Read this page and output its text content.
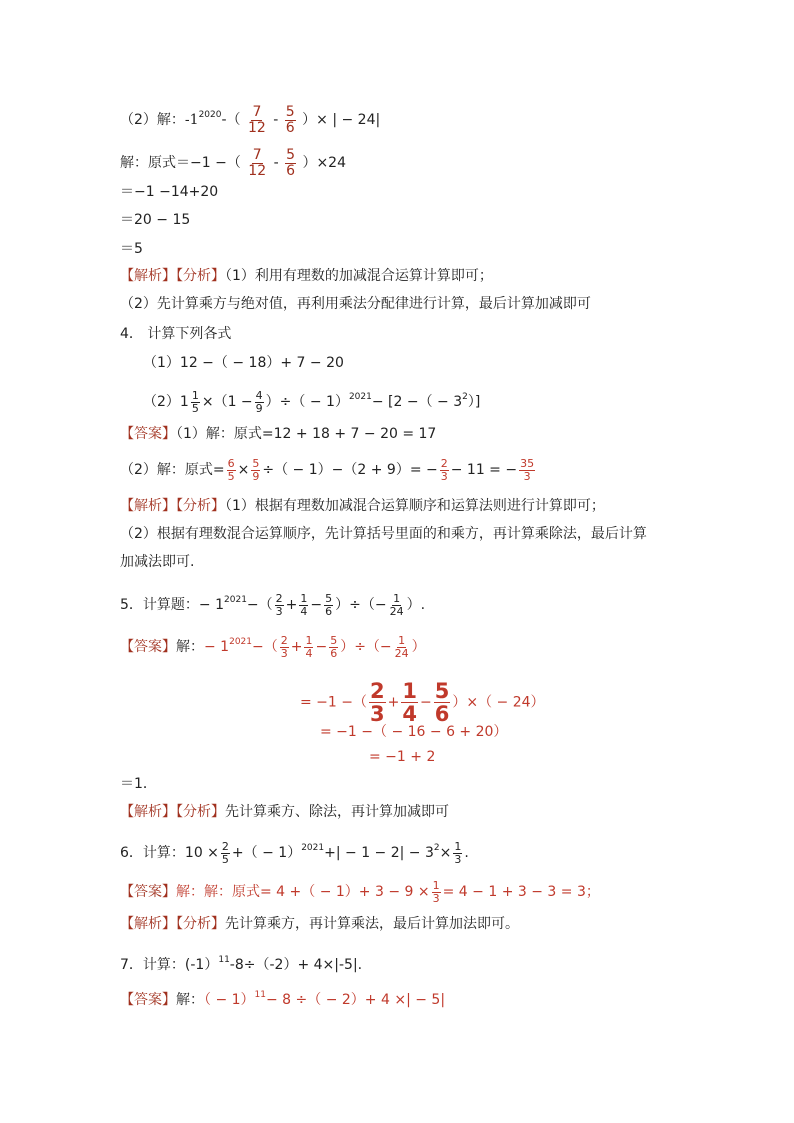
（2）解：$-1^{2020}-( \frac{7}{12} - \frac{5}{6}$ ）× | − 24|
解：原式＝−1 −（ $\frac{7}{12} - \frac{5}{6} )\times 24$
＝−1 −14+20
＝20 − 15
＝5
【解析】【分析】（1）利用有理数的加减混合运算计算即可；
（2）先计算乘方与绝对值，再利用乘法分配律进行计算，最后计算加减即可
4． 计算下列各式
（1）12 −（ − 18）+ 7 − 20
（2） $1 \frac{1}{5} \times(1 - \frac{4}{9}$ ）÷（ − 1）$^{2021}$− [2 −（ − $3^2$）]
【答案】（1）解：原式=12 + 18 + 7 − 20 = 17
（2）解：原式= $\frac{6}{5} \times \frac{5}{9}$ ÷（ − $1)-(2 + 9)= - \frac{2}{3} - 11$ = − $\frac{35}{3}$
【解析】【分析】（1）根据有理数加减混合运算顺序和运算法则进行计算即可；
（2）根据有理数混合运算顺序，先计算括号里面的和乘方，再计算乘除法，最后计算
加减法即可.
5．计算题：− $1^{2021}-( \frac{2}{3} + \frac{1}{4} - \frac{5}{6}$ ）÷（− $\frac{1}{24}$ ）.
【答案】解：− $1^{2021}-( \frac{2}{3} + \frac{1}{4} - \frac{5}{6}$ ）÷（− $\frac{1}{24}$ ）
= −1 −（ $\frac{2}{3} + \frac{1}{4} - \frac{5}{6}$ ）×（ − 24）
= −1 −（ − 16 − 6 + 20）
= −1 + 2
＝1．
【解析】【分析】先计算乘方、除法，再计算加减即可
6．计算：$10 \times \frac{2}{5}$ +（ − $1)^{2021}+| - 1 - 2| - 3^2\times \frac{1}{3}$ .
【答案】解：解：原式= 4 +（ − $1)+ 3 - 9 \times \frac{1}{3} = 4 - 1 + 3 - 3 = 3$；
【解析】【分析】先计算乘方，再计算乘法，最后计算加法即可。
7．计算：(-1）$^{11}$-8÷（-2）+ 4×|-5|.
【答案】解：（ − 1）$^{11}$− 8 ÷（ − 2）+ 4 ×| − 5|
